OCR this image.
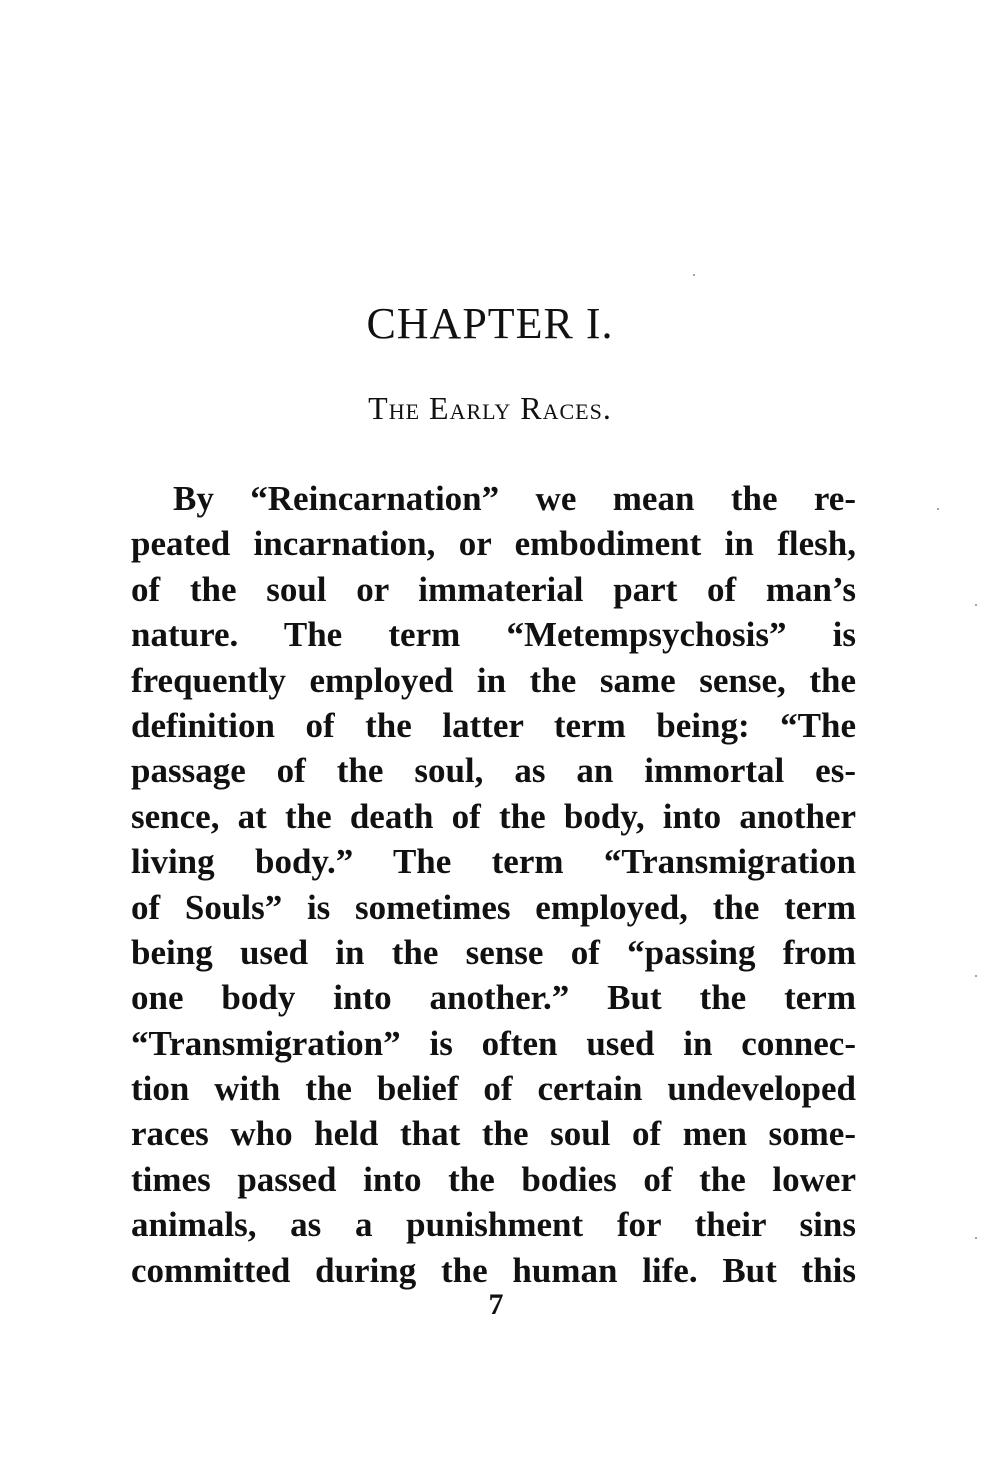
CHAPTER I.
The Early Races.
By “Reincarnation” we mean the re-
peated incarnation, or embodiment in flesh,
of the soul or immaterial part of man’s
nature. The term “Metempsychosis” is
frequently employed in the same sense, the
definition of the latter term being: “The
passage of the soul, as an immortal es-
sence, at the death of the body, into another
living body.” The term “Transmigration
of Souls” is sometimes employed, the term
being used in the sense of “passing from
one body into another.” But the term
“Transmigration” is often used in connec-
tion with the belief of certain undeveloped
races who held that the soul of men some-
times passed into the bodies of the lower
animals, as a punishment for their sins
committed during the human life. But this
7
